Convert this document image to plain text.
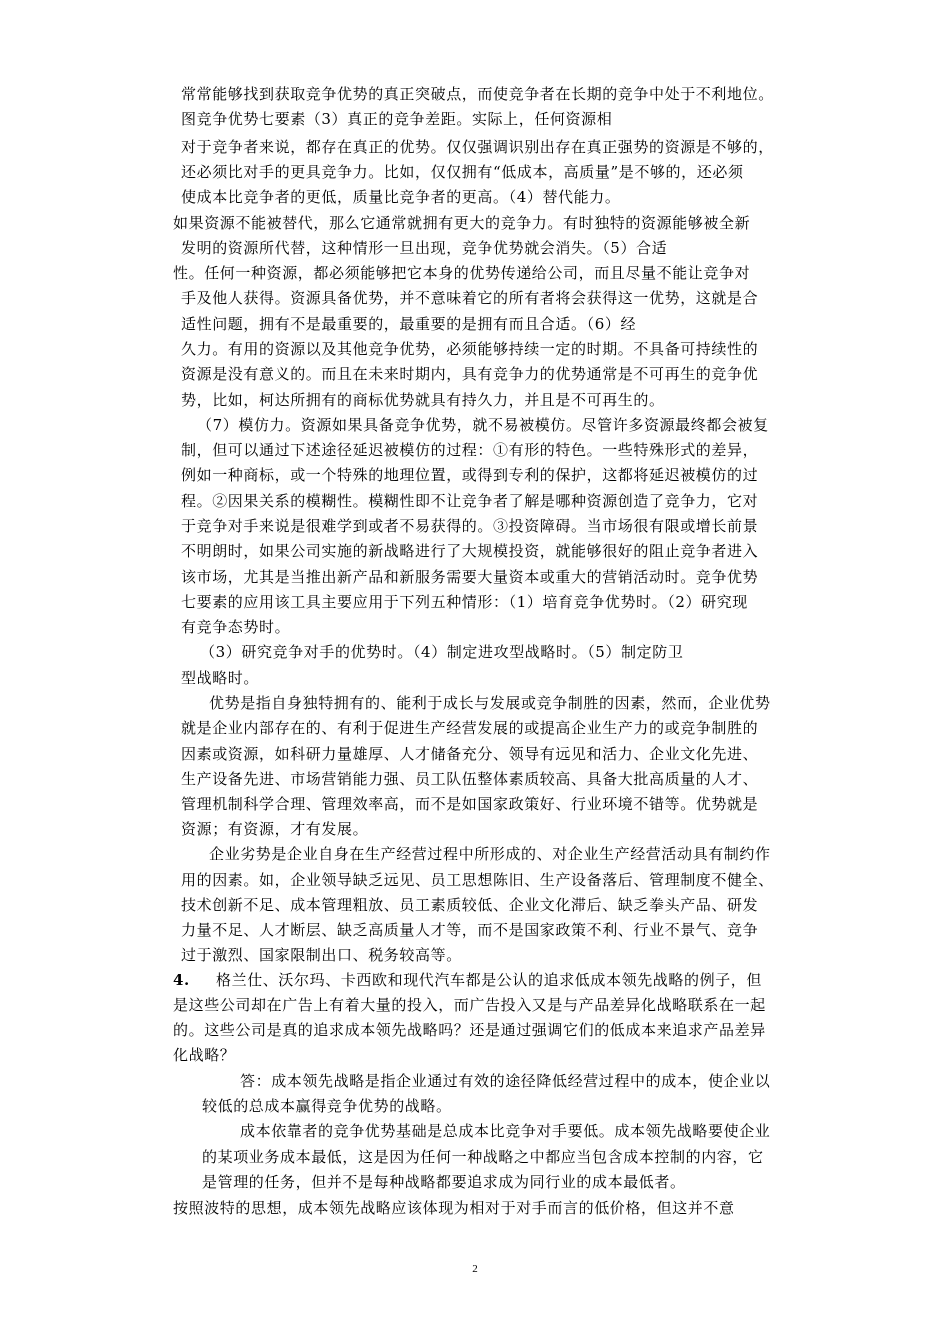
常常能够找到获取竞争优势的真正突破点，而使竞争者在长期的竞争中处于不利地位。
图竞争优势七要素（3）真正的竞争差距。实际上，任何资源相
对于竞争者来说，都存在真正的优势。仅仅强调识别出存在真正强势的资源是不够的，
还必须比对手的更具竞争力。比如，仅仅拥有“低成本，高质量”是不够的，还必须
使成本比竞争者的更低，质量比竞争者的更高。（4）替代能力。
如果资源不能被替代，那么它通常就拥有更大的竞争力。有时独特的资源能够被全新
发明的资源所代替，这种情形一旦出现，竞争优势就会消失。（5）合适
性。任何一种资源，都必须能够把它本身的优势传递给公司，而且尽量不能让竞争对
手及他人获得。资源具备优势，并不意味着它的所有者将会获得这一优势，这就是合
适性问题，拥有不是最重要的，最重要的是拥有而且合适。（6）经
久力。有用的资源以及其他竞争优势，必须能够持续一定的时期。不具备可持续性的
资源是没有意义的。而且在未来时期内，具有竞争力的优势通常是不可再生的竞争优
势，比如，柯达所拥有的商标优势就具有持久力，并且是不可再生的。
（7）模仿力。资源如果具备竞争优势，就不易被模仿。尽管许多资源最终都会被复
制，但可以通过下述途径延迟被模仿的过程：①有形的特色。一些特殊形式的差异，
例如一种商标，或一个特殊的地理位置，或得到专利的保护，这都将延迟被模仿的过
程。②因果关系的模糊性。模糊性即不让竞争者了解是哪种资源创造了竞争力，它对
于竞争对手来说是很难学到或者不易获得的。③投资障碍。当市场很有限或增长前景
不明朗时，如果公司实施的新战略进行了大规模投资，就能够很好的阻止竞争者进入
该市场，尤其是当推出新产品和新服务需要大量资本或重大的营销活动时。竞争优势
七要素的应用该工具主要应用于下列五种情形：（1）培育竞争优势时。（2）研究现
有竞争态势时。
（3）研究竞争对手的优势时。（4）制定进攻型战略时。（5）制定防卫
型战略时。
优势是指自身独特拥有的、能利于成长与发展或竞争制胜的因素，然而，企业优势
就是企业内部存在的、有利于促进生产经营发展的或提高企业生产力的或竞争制胜的
因素或资源，如科研力量雄厚、人才储备充分、领导有远见和活力、企业文化先进、
生产设备先进、市场营销能力强、员工队伍整体素质较高、具备大批高质量的人才、
管理机制科学合理、管理效率高，而不是如国家政策好、行业环境不错等。优势就是
资源；有资源，才有发展。
企业劣势是企业自身在生产经营过程中所形成的、对企业生产经营活动具有制约作
用的因素。如，企业领导缺乏远见、员工思想陈旧、生产设备落后、管理制度不健全、
技术创新不足、成本管理粗放、员工素质较低、企业文化滞后、缺乏拳头产品、研发
力量不足、人才断层、缺乏高质量人才等，而不是国家政策不利、行业不景气、竞争
过于激烈、国家限制出口、税务较高等。
4. 格兰仕、沃尔玛、卡西欧和现代汽车都是公认的追求低成本领先战略的例子，但
是这些公司却在广告上有着大量的投入，而广告投入又是与产品差异化战略联系在一起
的。这些公司是真的追求成本领先战略吗？还是通过强调它们的低成本来追求产品差异
化战略？
答：成本领先战略是指企业通过有效的途径降低经营过程中的成本，使企业以
较低的总成本赢得竞争优势的战略。
成本依靠者的竞争优势基础是总成本比竞争对手要低。成本领先战略要使企业
的某项业务成本最低，这是因为任何一种战略之中都应当包含成本控制的内容，它
是管理的任务，但并不是每种战略都要追求成为同行业的成本最低者。
按照波特的思想，成本领先战略应该体现为相对于对手而言的低价格，但这并不意
2
